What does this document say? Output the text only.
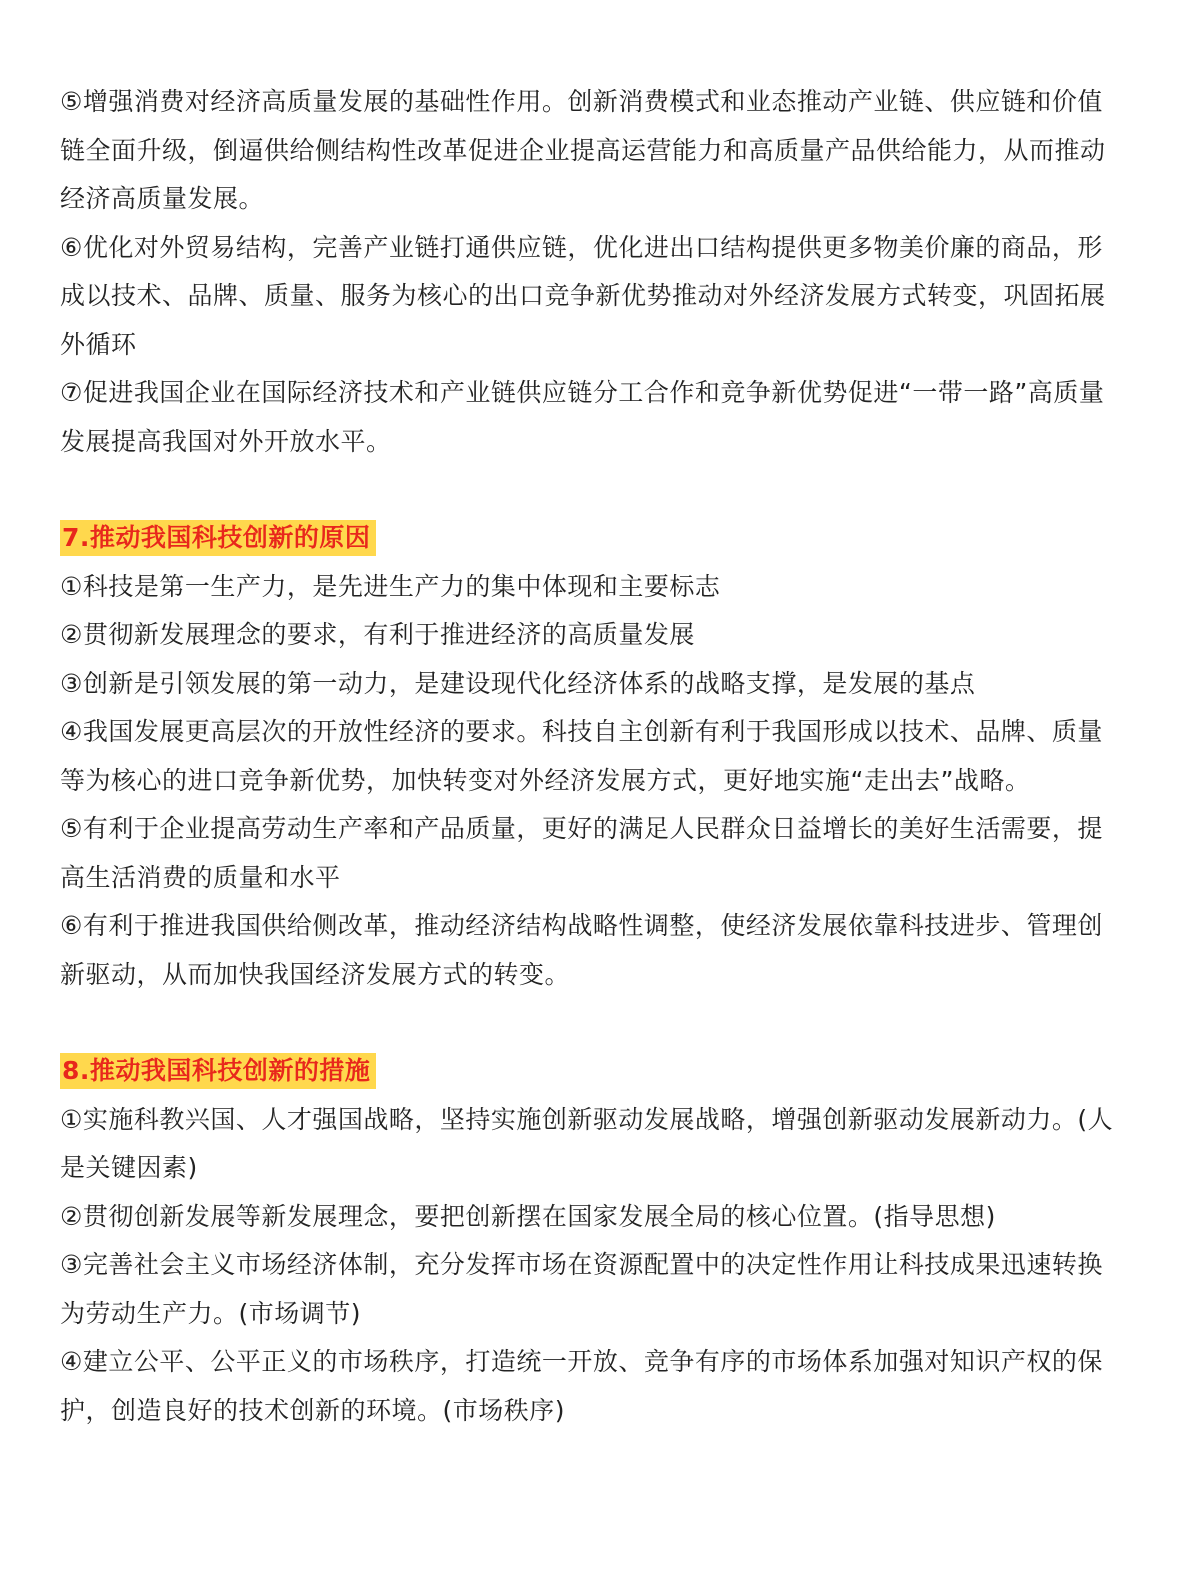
⑤增强消费对经济高质量发展的基础性作用。创新消费模式和业态推动产业链、供应链和价值链全面升级，倒逼供给侧结构性改革促进企业提高运营能力和高质量产品供给能力，从而推动经济高质量发展。

⑥优化对外贸易结构，完善产业链打通供应链，优化进出口结构提供更多物美价廉的商品，形成以技术、品牌、质量、服务为核心的出口竞争新优势推动对外经济发展方式转变，巩固拓展外循环

⑦促进我国企业在国际经济技术和产业链供应链分工合作和竞争新优势促进“一带一路”高质量发展提高我国对外开放水平。

7.推动我国科技创新的原因

①科技是第一生产力，是先进生产力的集中体现和主要标志

②贯彻新发展理念的要求，有利于推进经济的高质量发展

③创新是引领发展的第一动力，是建设现代化经济体系的战略支撑，是发展的基点

④我国发展更高层次的开放性经济的要求。科技自主创新有利于我国形成以技术、品牌、质量等为核心的进口竞争新优势，加快转变对外经济发展方式，更好地实施“走出去”战略。

⑤有利于企业提高劳动生产率和产品质量，更好的满足人民群众日益增长的美好生活需要，提高生活消费的质量和水平

⑥有利于推进我国供给侧改革，推动经济结构战略性调整，使经济发展依靠科技进步、管理创新驱动，从而加快我国经济发展方式的转变。

8.推动我国科技创新的措施

①实施科教兴国、人才强国战略，坚持实施创新驱动发展战略，增强创新驱动发展新动力。(人是关键因素)

②贯彻创新发展等新发展理念，要把创新摆在国家发展全局的核心位置。(指导思想)

③完善社会主义市场经济体制，充分发挥市场在资源配置中的决定性作用让科技成果迅速转换为劳动生产力。(市场调节)

④建立公平、公平正义的市场秩序，打造统一开放、竞争有序的市场体系加强对知识产权的保护，创造良好的技术创新的环境。(市场秩序)
